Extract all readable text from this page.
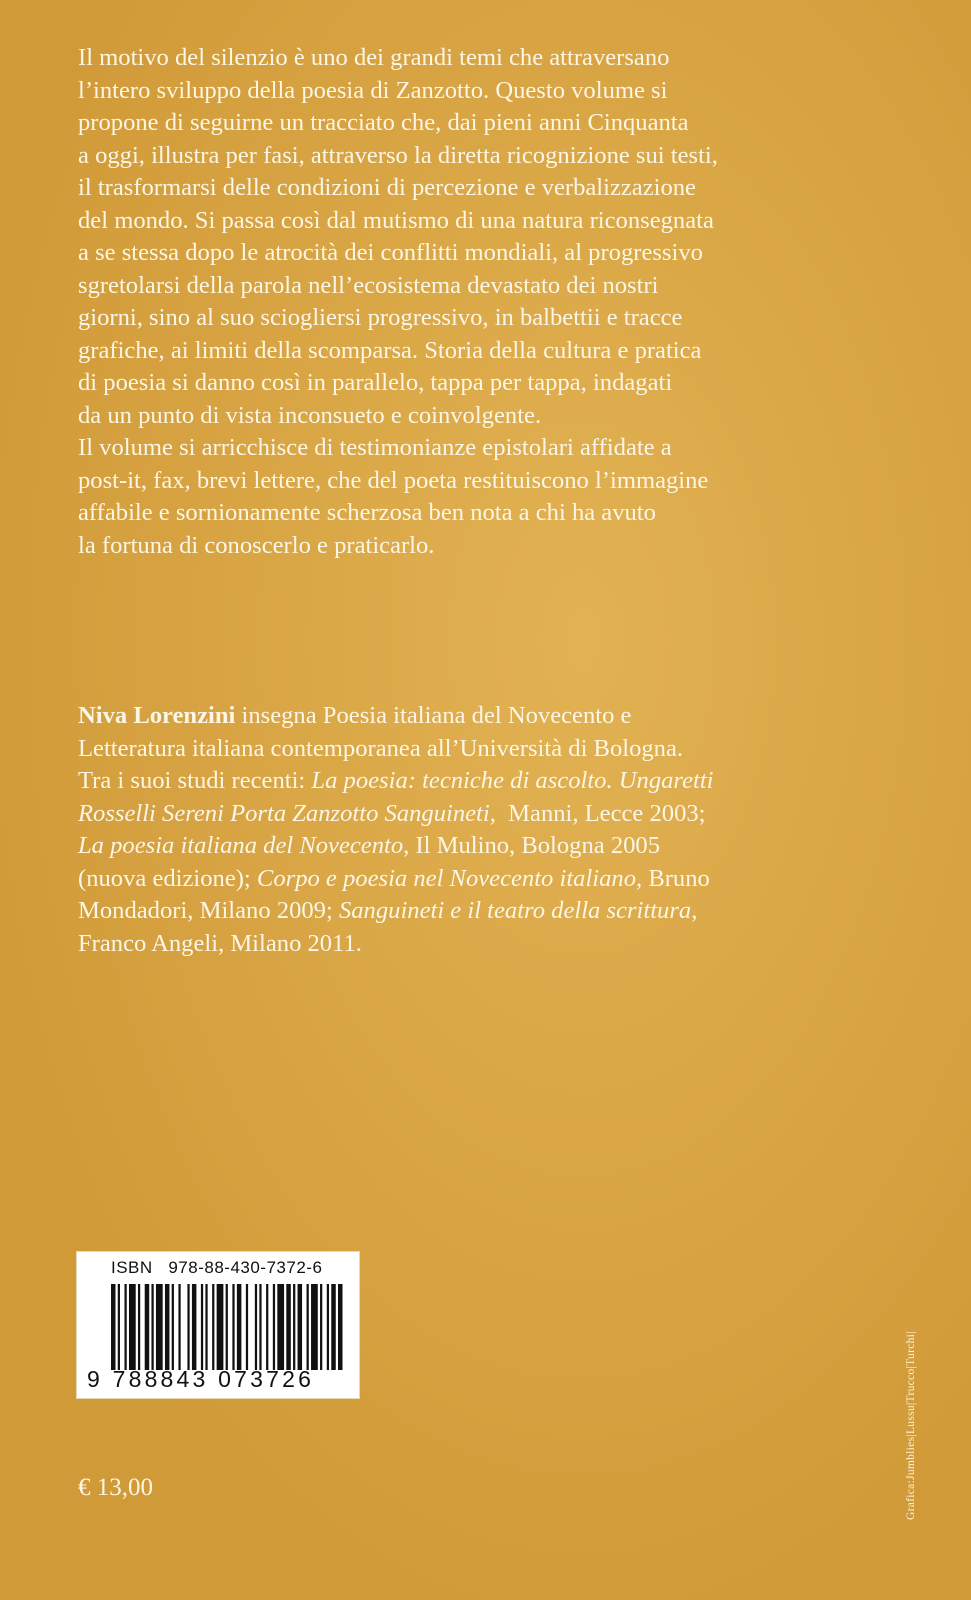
Il motivo del silenzio è uno dei grandi temi che attraversano

l’intero sviluppo della poesia di Zanzotto. Questo volume si

propone di seguirne un tracciato che, dai pieni anni Cinquanta

a oggi, illustra per fasi, attraverso la diretta ricognizione sui testi,

il trasformarsi delle condizioni di percezione e verbalizzazione

del mondo. Si passa così dal mutismo di una natura riconsegnata

a se stessa dopo le atrocità dei conflitti mondiali, al progressivo

sgretolarsi della parola nell’ecosistema devastato dei nostri

giorni, sino al suo sciogliersi progressivo, in balbettii e tracce

grafiche, ai limiti della scomparsa. Storia della cultura e pratica

di poesia si danno così in parallelo, tappa per tappa, indagati

da un punto di vista inconsueto e coinvolgente.

Il volume si arricchisce di testimonianze epistolari affidate a

post-it, fax, brevi lettere, che del poeta restituiscono l’immagine

affabile e sornionamente scherzosa ben nota a chi ha avuto

la fortuna di conoscerlo e praticarlo.

Niva Lorenzini insegna Poesia italiana del Novecento e

Letteratura italiana contemporanea all’Università di Bologna.

Tra i suoi studi recenti: La poesia: tecniche di ascolto. Ungaretti

Rosselli Sereni Porta Zanzotto Sanguineti,  Manni, Lecce 2003;

La poesia italiana del Novecento, Il Mulino, Bologna 2005

(nuova edizione); Corpo e poesia nel Novecento italiano, Bruno

Mondadori, Milano 2009; Sanguineti e il teatro della scrittura,

Franco Angeli, Milano 2011.

ISBN   978-88-430-7372-6
9 788843 073726
€ 13,00	Grafica:Jumblies|Lussu|Trucco|Turchi|
